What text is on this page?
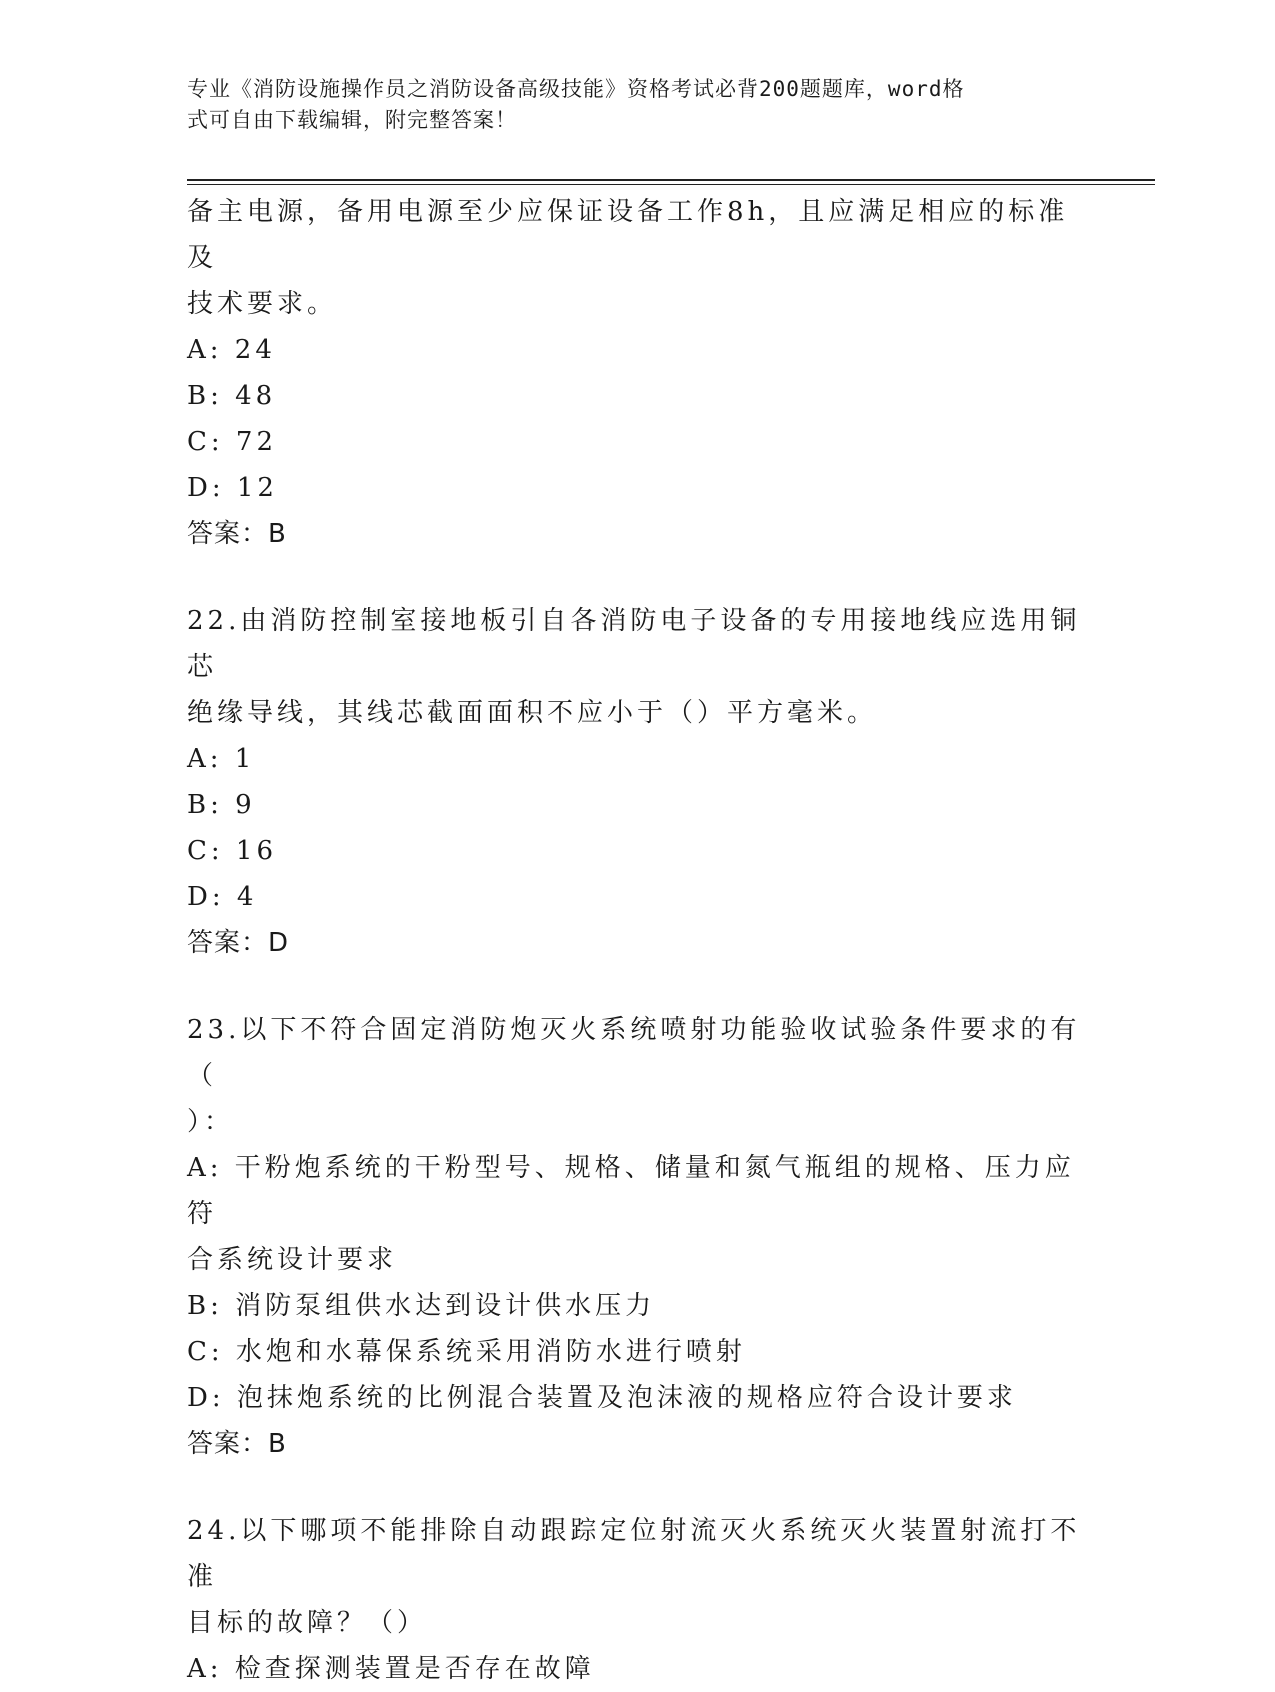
专业《消防设施操作员之消防设备高级技能》资格考试必背200题题库，word格
式可自由下载编辑，附完整答案！

备主电源，备用电源至少应保证设备工作8h，且应满足相应的标准及

技术要求。

A: 24

B: 48

C: 72

D: 12

答案：B

22.由消防控制室接地板引自各消防电子设备的专用接地线应选用铜芯

绝缘导线，其线芯截面面积不应小于（）平方毫米。

A: 1

B: 9

C: 16

D: 4

答案：D

23.以下不符合固定消防炮灭火系统喷射功能验收试验条件要求的有（

）：

A: 干粉炮系统的干粉型号、规格、储量和氮气瓶组的规格、压力应符

合系统设计要求

B: 消防泵组供水达到设计供水压力

C: 水炮和水幕保系统采用消防水进行喷射

D: 泡抹炮系统的比例混合装置及泡沫液的规格应符合设计要求

答案：B

24.以下哪项不能排除自动跟踪定位射流灭火系统灭火装置射流打不准

目标的故障？（）

A: 检查探测装置是否存在故障
